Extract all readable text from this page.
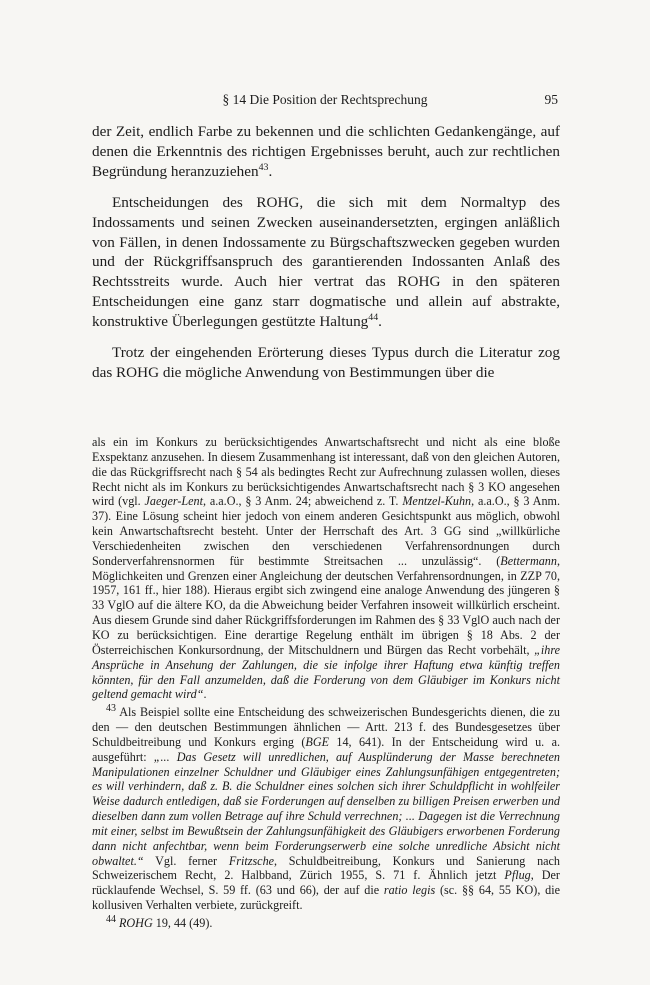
§ 14 Die Position der Rechtsprechung	95

der Zeit, endlich Farbe zu bekennen und die schlichten Gedankengänge, auf denen die Erkenntnis des richtigen Ergebnisses beruht, auch zur rechtlichen Begründung heranzuziehen$^{43}$.

Entscheidungen des ROHG, die sich mit dem Normaltyp des Indossaments und seinen Zwecken auseinandersetzten, ergingen anläßlich von Fällen, in denen Indossamente zu Bürgschaftszwecken gegeben wurden und der Rückgriffsanspruch des garantierenden Indossanten Anlaß des Rechtsstreits wurde. Auch hier vertrat das ROHG in den späteren Entscheidungen eine ganz starr dogmatische und allein auf abstrakte, konstruktive Überlegungen gestützte Haltung$^{44}$.

Trotz der eingehenden Erörterung dieses Typus durch die Literatur zog das ROHG die mögliche Anwendung von Bestimmungen über die

als ein im Konkurs zu berücksichtigendes Anwartschaftsrecht und nicht als eine bloße Exspektanz anzusehen. In diesem Zusammenhang ist interessant, daß von den gleichen Autoren, die das Rückgriffsrecht nach § 54 als bedingtes Recht zur Aufrechnung zulassen wollen, dieses Recht nicht als im Konkurs zu berücksichtigendes Anwartschaftsrecht nach § 3 KO angesehen wird (vgl. Jaeger-Lent, a.a.O., § 3 Anm. 24; abweichend z. T. Mentzel-Kuhn, a.a.O., § 3 Anm. 37). Eine Lösung scheint hier jedoch von einem anderen Gesichtspunkt aus möglich, obwohl kein Anwartschaftsrecht besteht. Unter der Herrschaft des Art. 3 GG sind „willkürliche Verschiedenheiten zwischen den verschiedenen Verfahrensordnungen durch Sonderverfahrensnormen für bestimmte Streitsachen ... unzulässig“. (Bettermann, Möglichkeiten und Grenzen einer Angleichung der deutschen Verfahrensordnungen, in ZZP 70, 1957, 161 ff., hier 188). Hieraus ergibt sich zwingend eine analoge Anwendung des jüngeren § 33 VglO auf die ältere KO, da die Abweichung beider Verfahren insoweit willkürlich erscheint. Aus diesem Grunde sind daher Rückgriffsforderungen im Rahmen des § 33 VglO auch nach der KO zu berücksichtigen. Eine derartige Regelung enthält im übrigen § 18 Abs. 2 der Österreichischen Konkursordnung, der Mitschuldnern und Bürgen das Recht vorbehält, „ihre Ansprüche in Ansehung der Zahlungen, die sie infolge ihrer Haftung etwa künftig treffen könnten, für den Fall anzumelden, daß die Forderung von dem Gläubiger im Konkurs nicht geltend gemacht wird“.

$^{43}$ Als Beispiel sollte eine Entscheidung des schweizerischen Bundesgerichts dienen, die zu den — den deutschen Bestimmungen ähnlichen — Artt. 213 f. des Bundesgesetzes über Schuldbeitreibung und Konkurs erging (BGE 14, 641). In der Entscheidung wird u. a. ausgeführt: „... Das Gesetz will unredlichen, auf Ausplünderung der Masse berechneten Manipulationen einzelner Schuldner und Gläubiger eines Zahlungsunfähigen entgegentreten; es will verhindern, daß z. B. die Schuldner eines solchen sich ihrer Schuldpflicht in wohlfeiler Weise dadurch entledigen, daß sie Forderungen auf denselben zu billigen Preisen erwerben und dieselben dann zum vollen Betrage auf ihre Schuld verrechnen; ... Dagegen ist die Verrechnung mit einer, selbst im Bewußtsein der Zahlungsunfähigkeit des Gläubigers erworbenen Forderung dann nicht anfechtbar, wenn beim Forderungserwerb eine solche unredliche Absicht nicht obwaltet.“ Vgl. ferner Fritzsche, Schuldbeitreibung, Konkurs und Sanierung nach Schweizerischem Recht, 2. Halbband, Zürich 1955, S. 71 f. Ähnlich jetzt Pflug, Der rücklaufende Wechsel, S. 59 ff. (63 und 66), der auf die ratio legis (sc. §§ 64, 55 KO), die kollusiven Verhalten verbiete, zurückgreift.

$^{44}$ ROHG 19, 44 (49).
